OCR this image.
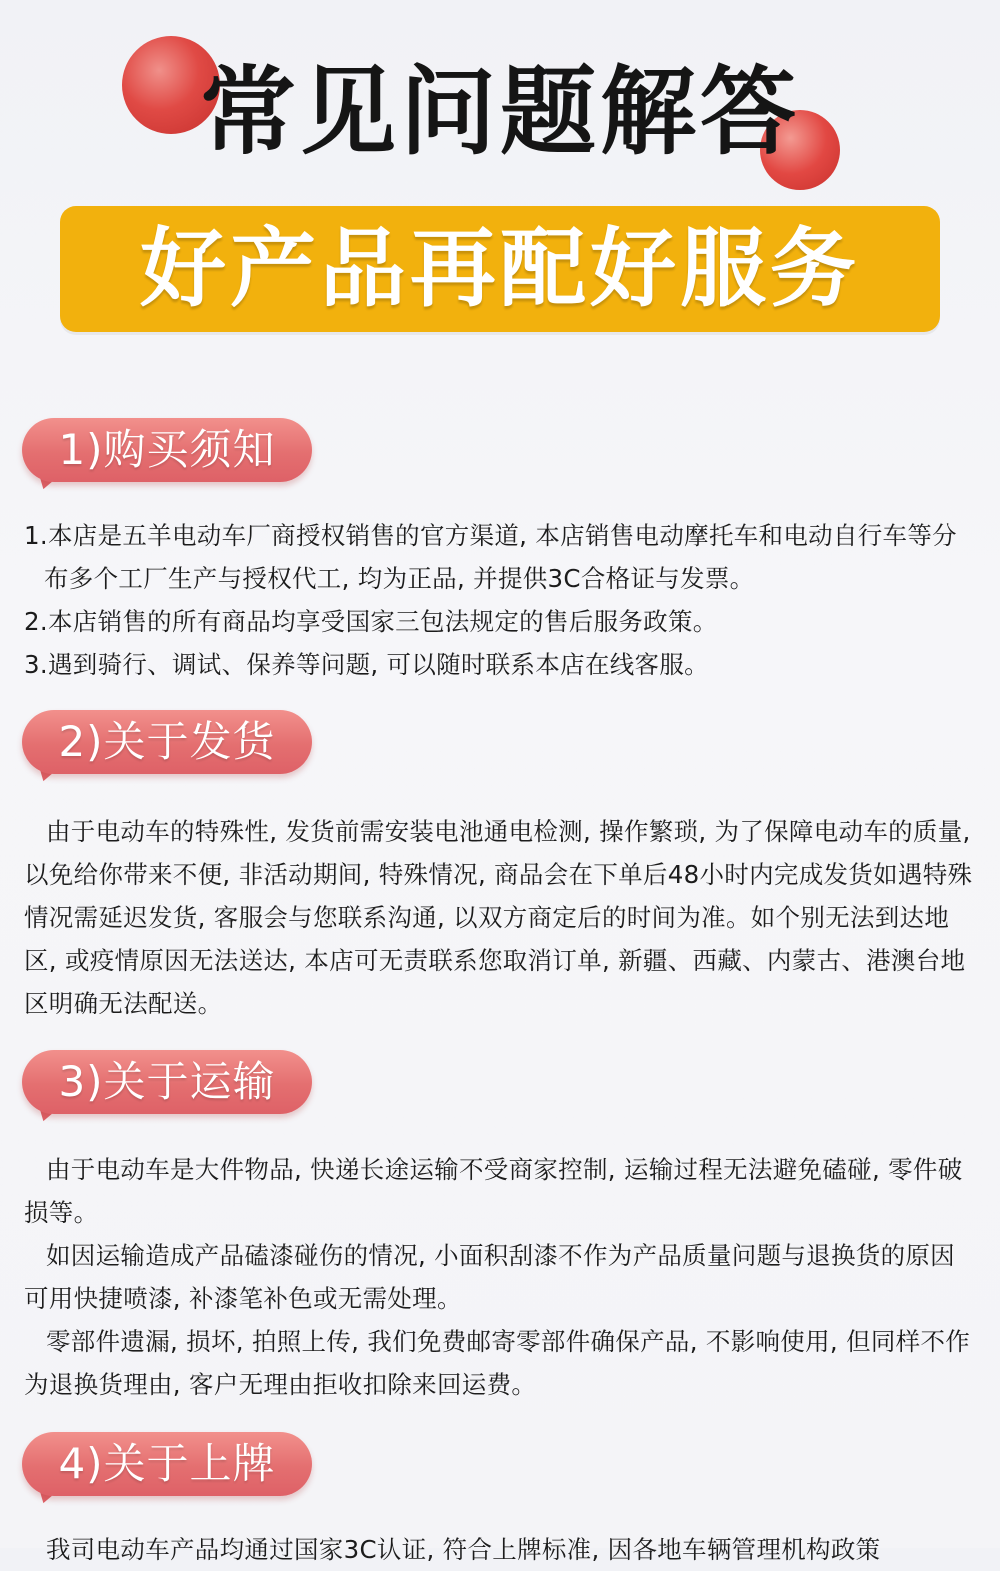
常见问题解答
好产品再配好服务
1)购买须知

1.本店是五羊电动车厂商授权销售的官方渠道, 本店销售电动摩托车和电动自行车等分布多个工厂生产与授权代工, 均为正品, 并提供3C合格证与发票。

2.本店销售的所有商品均享受国家三包法规定的售后服务政策。

3.遇到骑行、调试、保养等问题, 可以随时联系本店在线客服。

2)关于发货

由于电动车的特殊性, 发货前需安装电池通电检测, 操作繁琐, 为了保障电动车的质量, 以免给你带来不便, 非活动期间, 特殊情况, 商品会在下单后48小时内完成发货如遇特殊情况需延迟发货, 客服会与您联系沟通, 以双方商定后的时间为准。如个别无法到达地区, 或疫情原因无法送达, 本店可无责联系您取消订单, 新疆、西藏、内蒙古、港澳台地区明确无法配送。

3)关于运输

由于电动车是大件物品, 快递长途运输不受商家控制, 运输过程无法避免磕碰, 零件破损等。

如因运输造成产品磕漆碰伤的情况, 小面积刮漆不作为产品质量问题与退换货的原因可用快捷喷漆, 补漆笔补色或无需处理。

零部件遗漏, 损坏, 拍照上传, 我们免费邮寄零部件确保产品, 不影响使用, 但同样不作为退换货理由, 客户无理由拒收扣除来回运费。

4)关于上牌

我司电动车产品均通过国家3C认证, 符合上牌标准, 因各地车辆管理机构政策
